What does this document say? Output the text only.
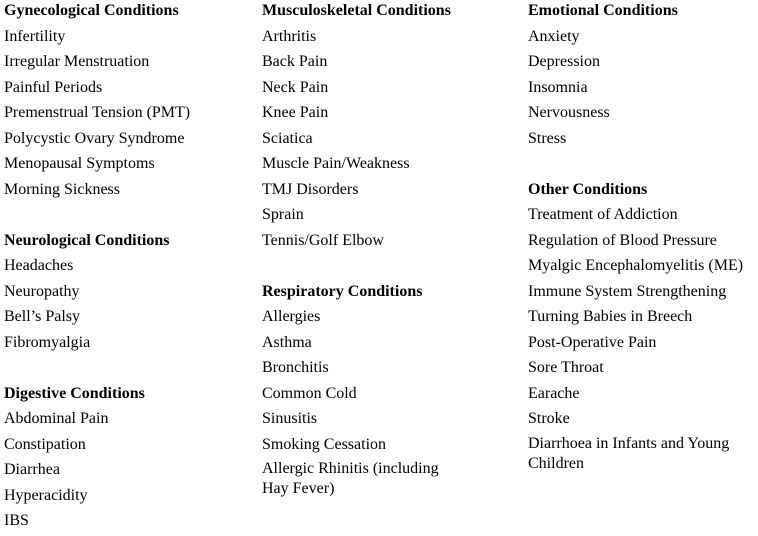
Gynecological Conditions
Infertility
Irregular Menstruation
Painful Periods
Premenstrual Tension (PMT)
Polycystic Ovary Syndrome
Menopausal Symptoms
Morning Sickness
Neurological Conditions
Headaches
Neuropathy
Bell’s Palsy
Fibromyalgia
Digestive Conditions
Abdominal Pain
Constipation
Diarrhea
Hyperacidity
IBS
Musculoskeletal Conditions
Arthritis
Back Pain
Neck Pain
Knee Pain
Sciatica
Muscle Pain/Weakness
TMJ Disorders
Sprain
Tennis/Golf Elbow
Respiratory Conditions
Allergies
Asthma
Bronchitis
Common Cold
Sinusitis
Smoking Cessation
Allergic Rhinitis (including Hay Fever)
Emotional Conditions
Anxiety
Depression
Insomnia
Nervousness
Stress
Other Conditions
Treatment of Addiction
Regulation of Blood Pressure
Myalgic Encephalomyelitis (ME)
Immune System Strengthening
Turning Babies in Breech
Post-Operative Pain
Sore Throat
Earache
Stroke
Diarrhoea in Infants and Young Children
